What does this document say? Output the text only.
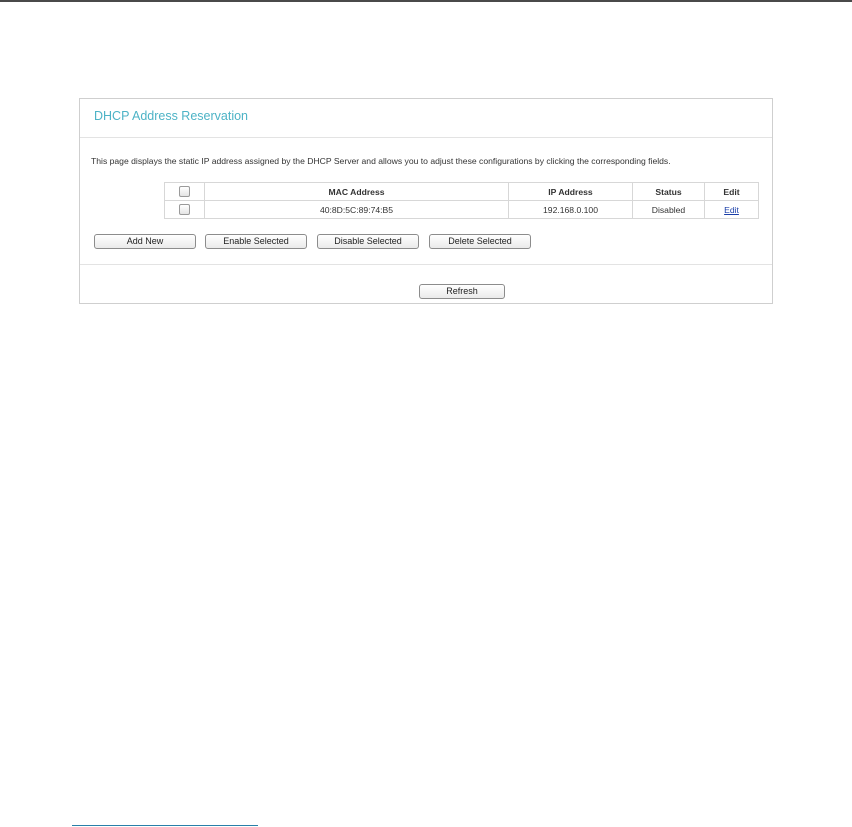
DHCP Address Reservation
This page displays the static IP address assigned by the DHCP Server and allows you to adjust these configurations by clicking the corresponding fields.
	MAC Address	IP Address	Status	Edit
	40:8D:5C:89:74:B5	192.168.0.100	Disabled	Edit
Add New	Enable Selected	Disable Selected	Delete Selected
Refresh
